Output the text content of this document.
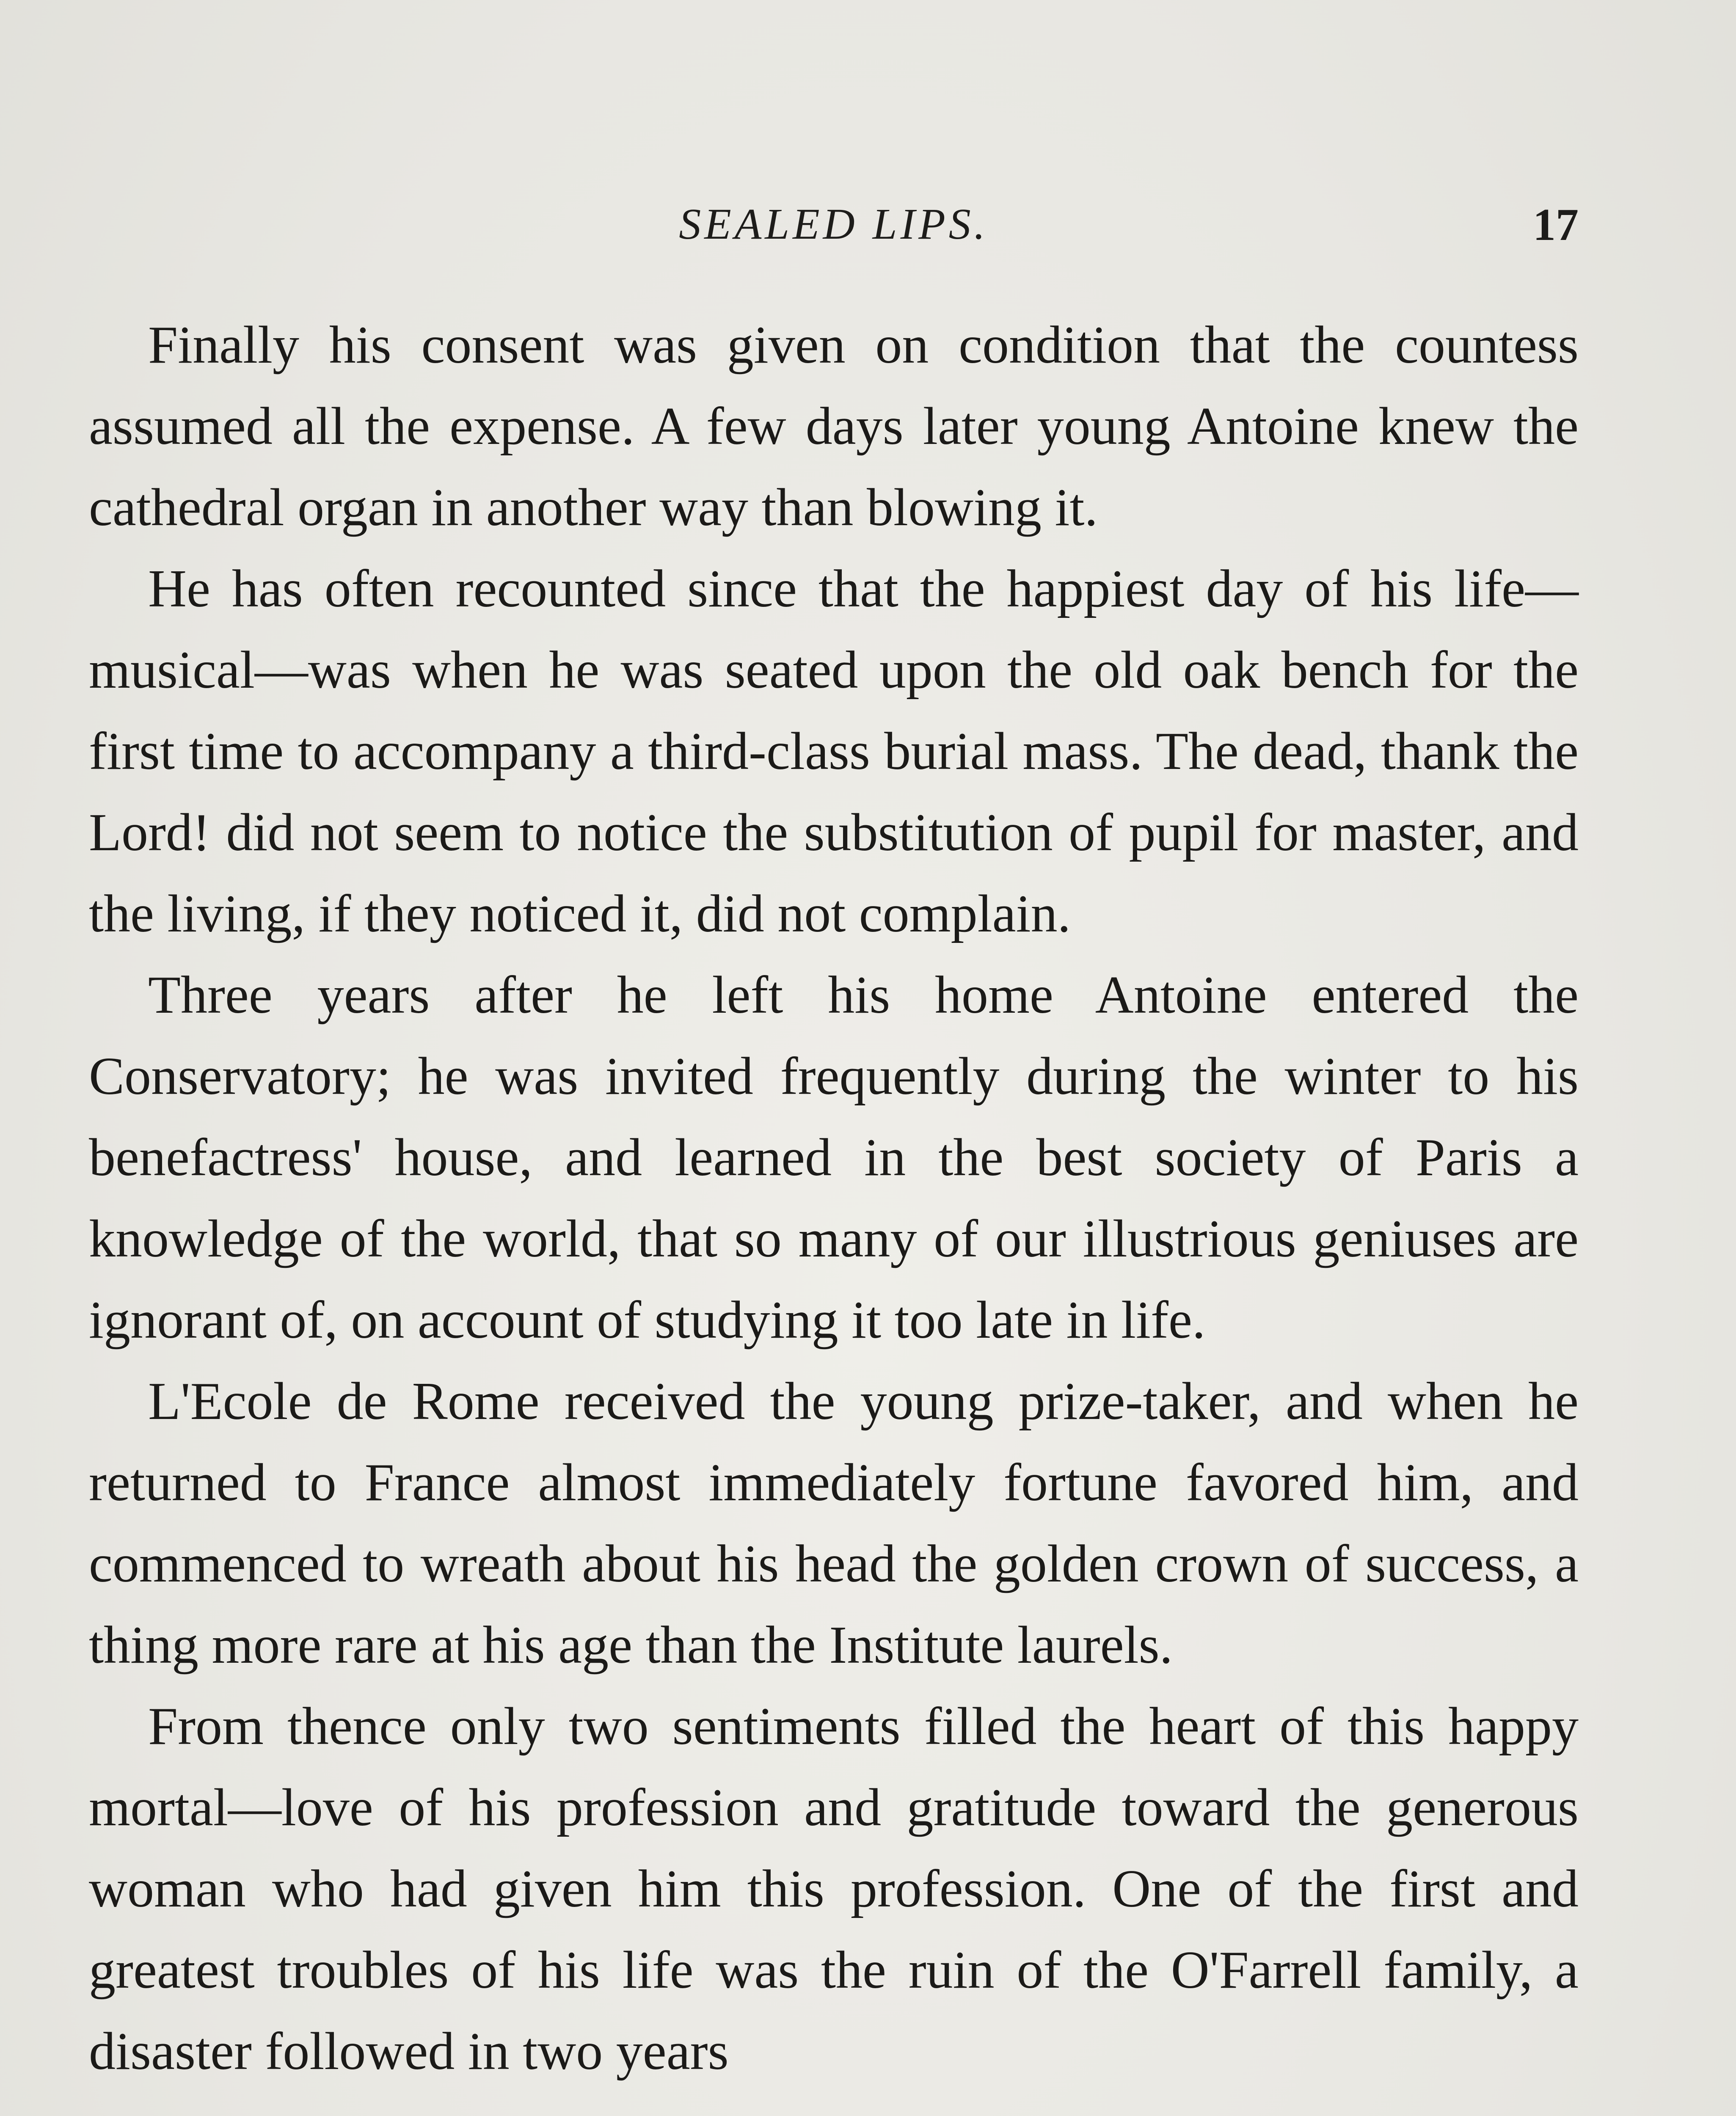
SEALED LIPS.	17

Finally his consent was given on condition that the countess assumed all the expense. A few days later young Antoine knew the cathedral organ in another way than blowing it.

He has often recounted since that the happiest day of his life—musical—was when he was seated upon the old oak bench for the first time to accompany a third-class burial mass. The dead, thank the Lord! did not seem to notice the substitution of pupil for master, and the living, if they noticed it, did not complain.

Three years after he left his home Antoine entered the Conservatory; he was invited frequently during the winter to his benefactress' house, and learned in the best society of Paris a knowledge of the world, that so many of our illustrious geniuses are ignorant of, on account of studying it too late in life.

L'Ecole de Rome received the young prize-taker, and when he returned to France almost immediately fortune favored him, and commenced to wreath about his head the golden crown of success, a thing more rare at his age than the Institute laurels.

From thence only two sentiments filled the heart of this happy mortal—love of his profession and gratitude toward the generous woman who had given him this profession. One of the first and greatest troubles of his life was the ruin of the O'Farrell family, a disaster followed in two years
